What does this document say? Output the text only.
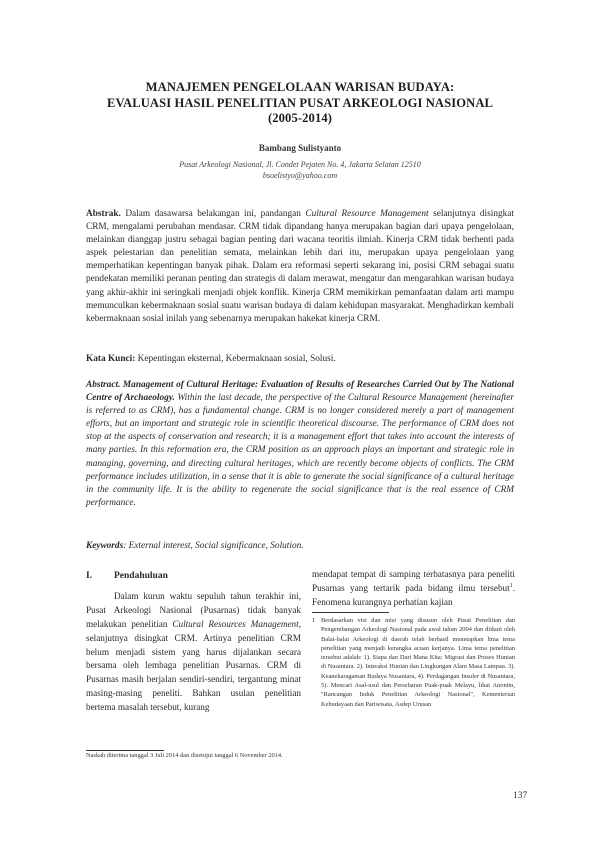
MANAJEMEN PENGELOLAAN WARISAN BUDAYA:
EVALUASI HASIL PENELITIAN PUSAT ARKEOLOGI NASIONAL
(2005-2014)
Bambang Sulistyanto
Pusat Arkeologi Nasional, Jl. Condet Pejaten No. 4, Jakarta Selatan 12510
bsoelistyo@yahoo.com
Abstrak. Dalam dasawarsa belakangan ini, pandangan Cultural Resource Management selanjutnya disingkat CRM, mengalami perubahan mendasar. CRM tidak dipandang hanya merupakan bagian dari upaya pengelolaan, melainkan dianggap justru sebagai bagian penting dari wacana teoritis ilmiah. Kinerja CRM tidak berhenti pada aspek pelestarian dan penelitian semata, melainkan lebih dari itu, merupakan upaya pengelolaan yang memperhatikan kepentingan banyak pihak. Dalam era reformasi seperti sekarang ini, posisi CRM sebagai suatu pendekatan memiliki peranan penting dan strategis di dalam merawat, mengatur dan mengarahkan warisan budaya yang akhir-akhir ini seringkali menjadi objek konflik. Kinerja CRM memikirkan pemanfaatan dalam arti mampu memunculkan kebermaknaan sosial suatu warisan budaya di dalam kehidupan masyarakat. Menghadirkan kembali kebermaknaan sosial inilah yang sebenarnya merupakan hakekat kinerja CRM.
Kata Kunci: Kepentingan eksternal, Kebermaknaan sosial, Solusi.
Abstract. Management of Cultural Heritage: Evaluation of Results of Researches Carried Out by The National Centre of Archaeology. Within the last decade, the perspective of the Cultural Resource Management (hereinafter is referred to as CRM), has a fundamental change. CRM is no longer considered merely a part of management efforts, but an important and strategic role in scientific theoretical discourse. The performance of CRM does not stop at the aspects of conservation and research; it is a management effort that takes into account the interests of many parties. In this reformation era, the CRM position as an approach plays an important and strategic role in managing, governing, and directing cultural heritages, which are recently become objects of conflicts. The CRM performance includes utilization, in a sense that it is able to generate the social significance of a cultural heritage in the community life. It is the ability to regenerate the social significance that is the real essence of CRM performance.
Keywords: External interest, Social significance, Solution.
I.	Pendahuluan
Dalam kurun waktu sepuluh tahun terakhir ini, Pusat Arkeologi Nasional (Pusarnas) tidak banyak melakukan penelitian Cultural Resources Management, selanjutnya disingkat CRM. Artinya penelitian CRM belum menjadi sistem yang harus dijalankan secara bersama oleh lembaga penelitian Pusarnas. CRM di Pusarnas masih berjalan sendiri-sendiri, tergantung minat masing-masing peneliti. Bahkan usulan penelitian bertema masalah tersebut, kurang
mendapat tempat di samping terbatasnya para peneliti Pusarnas yang tertarik pada bidang ilmu tersebut$^1$. Fenomena kurangnya perhatian kajian
1 Berdasarkan visi dan misi yang disusun oleh Pusat Penelitian dan Pengembangan Arkeologi Nasional pada awal tahun 2004 dan diikuti oleh Balai-balai Arkeologi di daerah telah berhasil menetapkan lima tema penelitian yang menjadi kerangka acuan kerjanya. Lima tema penelitian tersebut adalah: 1). Siapa dan Dari Mana Kita: Migrasi dan Proses Hunian di Nusantara. 2). Interaksi Hunian dan Lingkungan Alam Masa Lampau. 3). Keanekaragaman Budaya Nusantara, 4). Perdagangan Insuler di Nusantara, 5). Mencari Asal-usul dan Persebaran Puak-puak Melayu, lihat Anonim, "Rancangan Induk Penelitian Arkeologi Nasional", Kementerian Kebudayaan dan Pariwisata, Asdep Urusan
Naskah diterima tanggal 3 Juli 2014 dan disetujui tanggal 6 November 2014.
137
